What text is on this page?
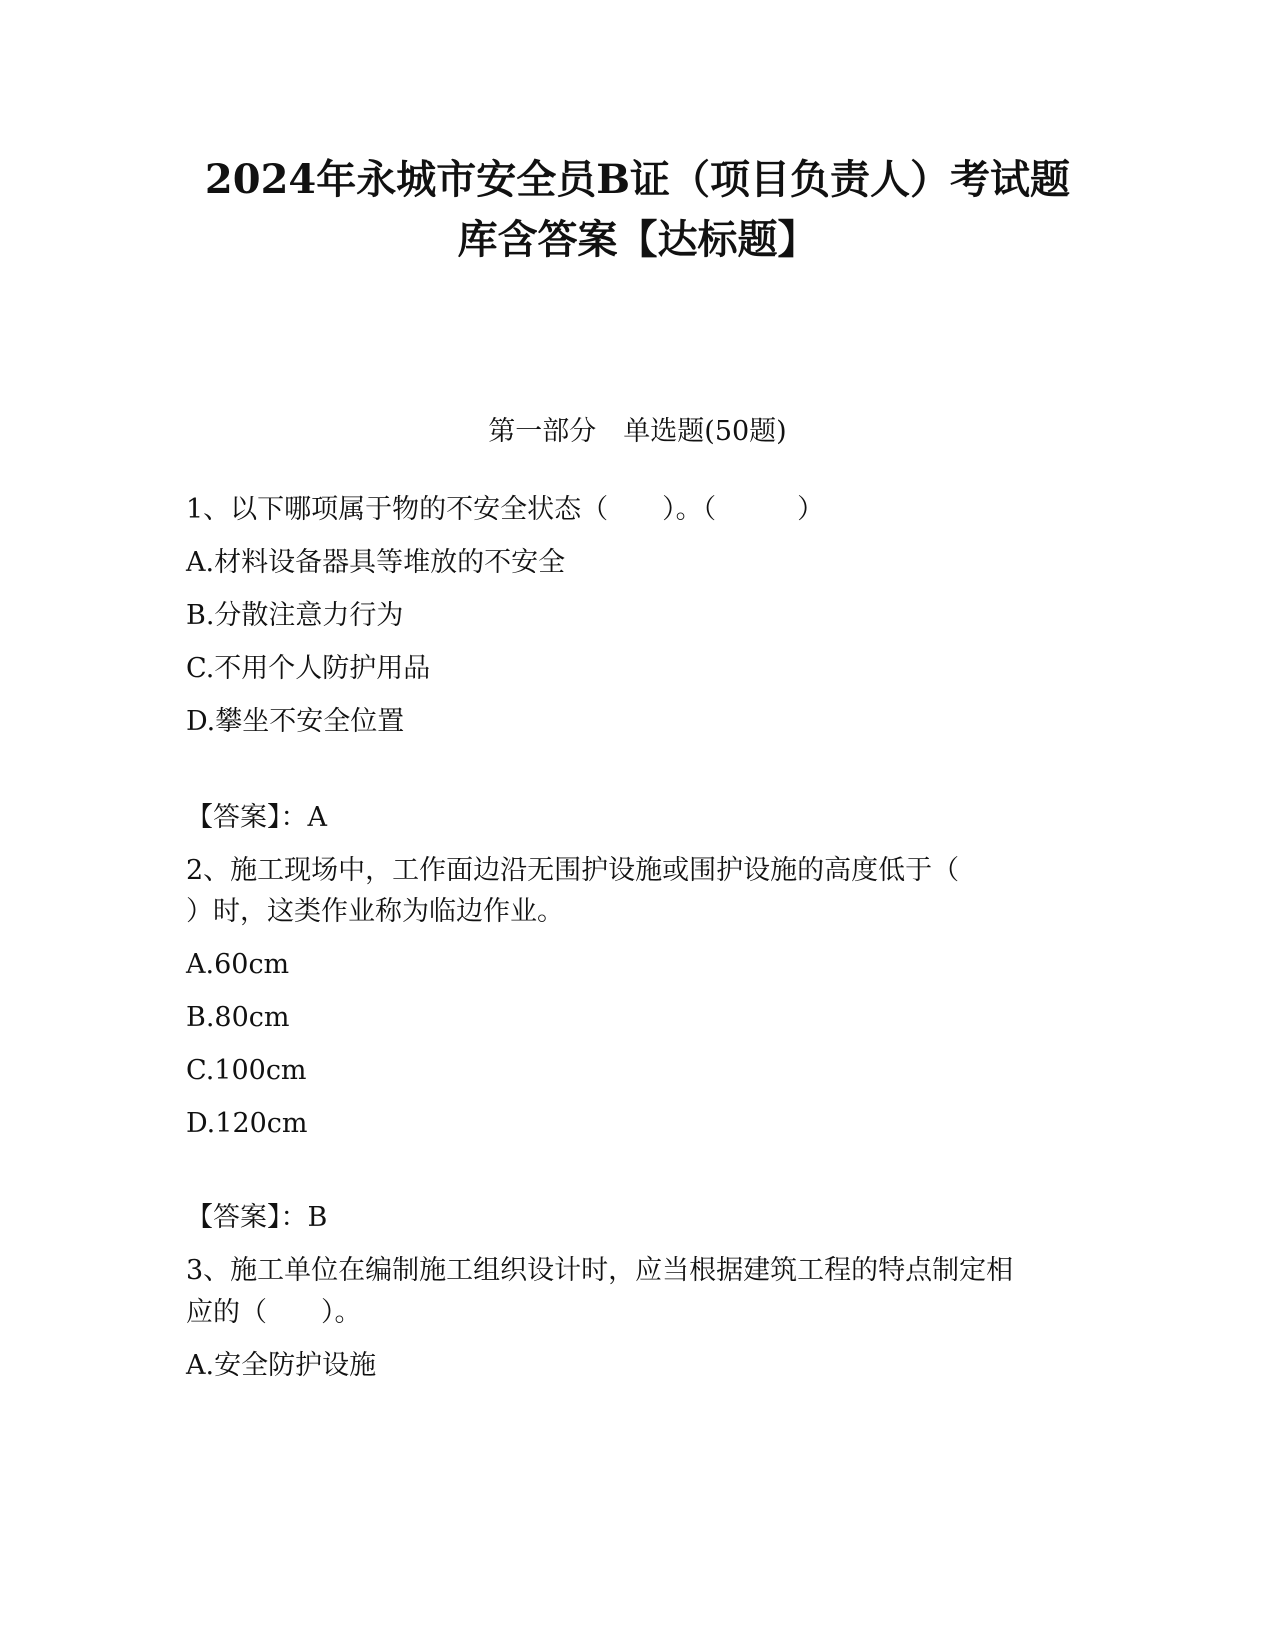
2024年永城市安全员B证（项目负责人）考试题
库含答案【达标题】
第一部分　单选题(50题)
1、以下哪项属于物的不安全状态（　　）。（　　　）
A.材料设备器具等堆放的不安全
B.分散注意力行为
C.不用个人防护用品
D.攀坐不安全位置
【答案】：A
2、施工现场中，工作面边沿无围护设施或围护设施的高度低于（
）时，这类作业称为临边作业。
A.60cm
B.80cm
C.100cm
D.120cm
【答案】：B
3、施工单位在编制施工组织设计时，应当根据建筑工程的特点制定相
应的（　　）。
A.安全防护设施
